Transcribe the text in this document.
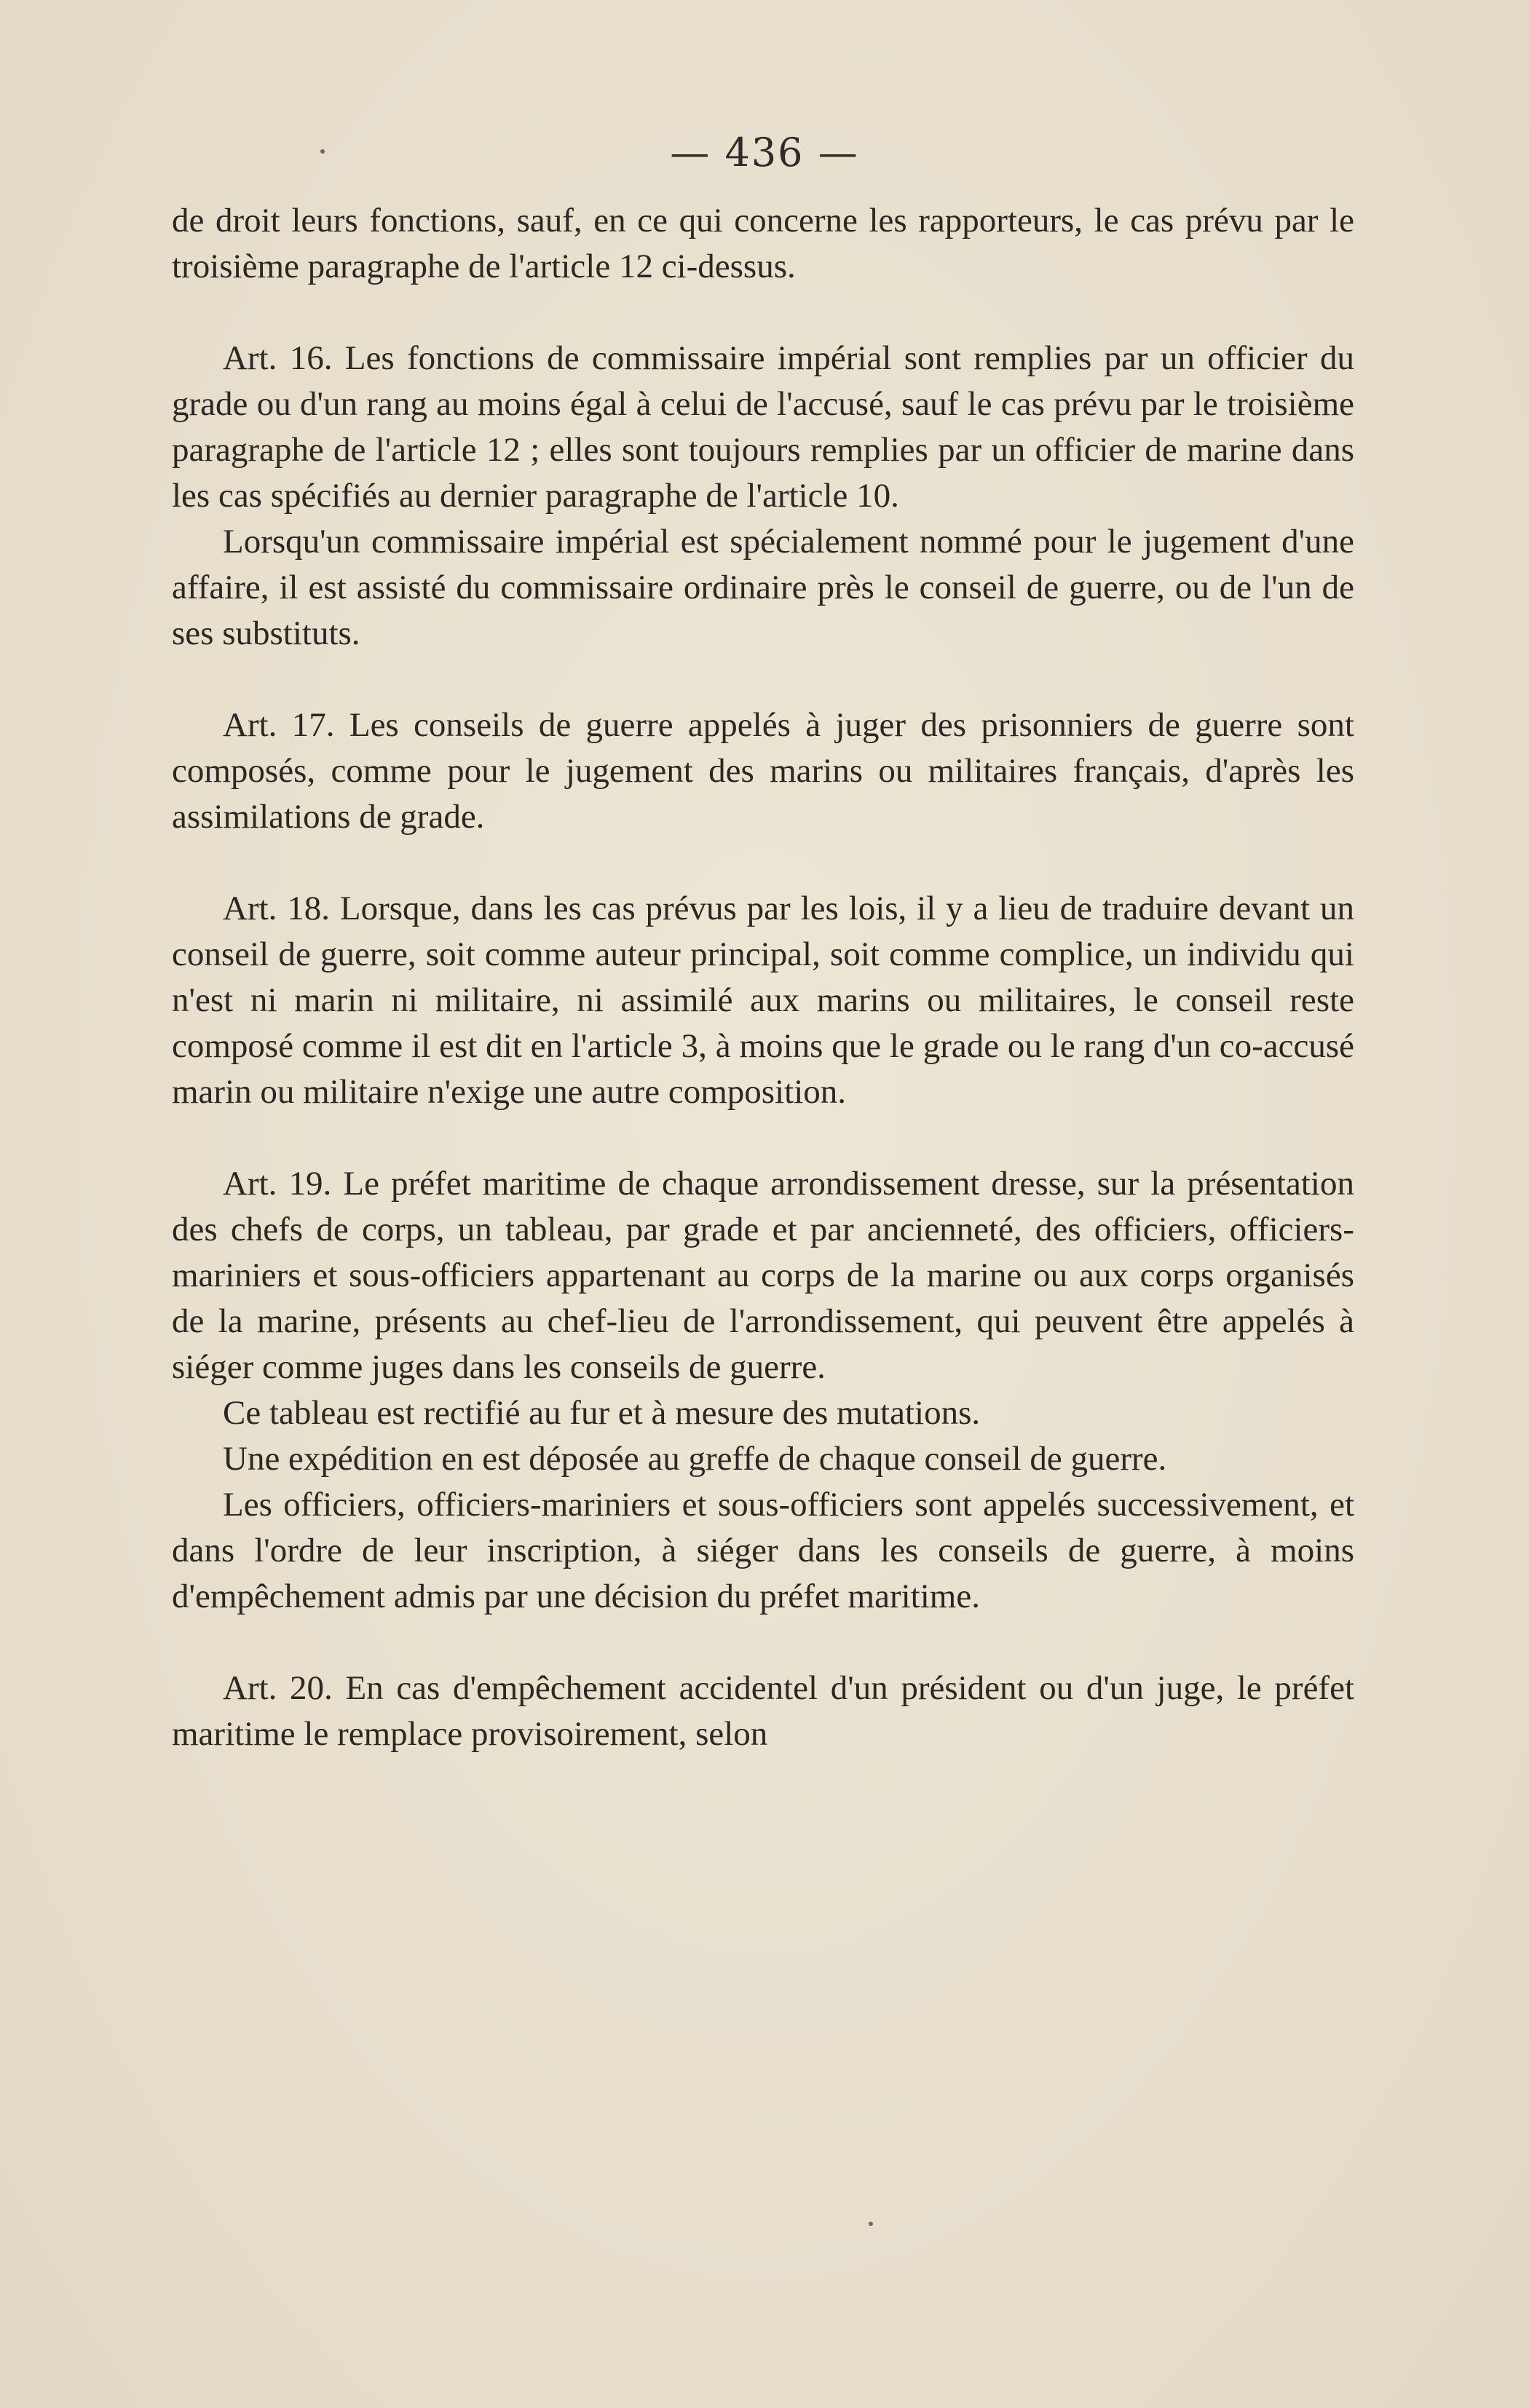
— 436 —

de droit leurs fonctions, sauf, en ce qui concerne les rapporteurs, le cas prévu par le troisième paragraphe de l'article 12 ci-dessus.

Art. 16. Les fonctions de commissaire impérial sont remplies par un officier du grade ou d'un rang au moins égal à celui de l'accusé, sauf le cas prévu par le troisième paragraphe de l'article 12 ; elles sont toujours remplies par un officier de marine dans les cas spécifiés au dernier paragraphe de l'article 10.

Lorsqu'un commissaire impérial est spécialement nommé pour le jugement d'une affaire, il est assisté du commissaire ordinaire près le conseil de guerre, ou de l'un de ses substituts.

Art. 17. Les conseils de guerre appelés à juger des prisonniers de guerre sont composés, comme pour le jugement des marins ou militaires français, d'après les assimilations de grade.

Art. 18. Lorsque, dans les cas prévus par les lois, il y a lieu de traduire devant un conseil de guerre, soit comme auteur principal, soit comme complice, un individu qui n'est ni marin ni militaire, ni assimilé aux marins ou militaires, le conseil reste composé comme il est dit en l'article 3, à moins que le grade ou le rang d'un co-accusé marin ou militaire n'exige une autre composition.

Art. 19. Le préfet maritime de chaque arrondissement dresse, sur la présentation des chefs de corps, un tableau, par grade et par ancienneté, des officiers, officiers-mariniers et sous-officiers appartenant au corps de la marine ou aux corps organisés de la marine, présents au chef-lieu de l'arrondissement, qui peuvent être appelés à siéger comme juges dans les conseils de guerre.

Ce tableau est rectifié au fur et à mesure des mutations.

Une expédition en est déposée au greffe de chaque conseil de guerre.

Les officiers, officiers-mariniers et sous-officiers sont appelés successivement, et dans l'ordre de leur inscription, à siéger dans les conseils de guerre, à moins d'empêchement admis par une décision du préfet maritime.

Art. 20. En cas d'empêchement accidentel d'un président ou d'un juge, le préfet maritime le remplace provisoirement, selon
